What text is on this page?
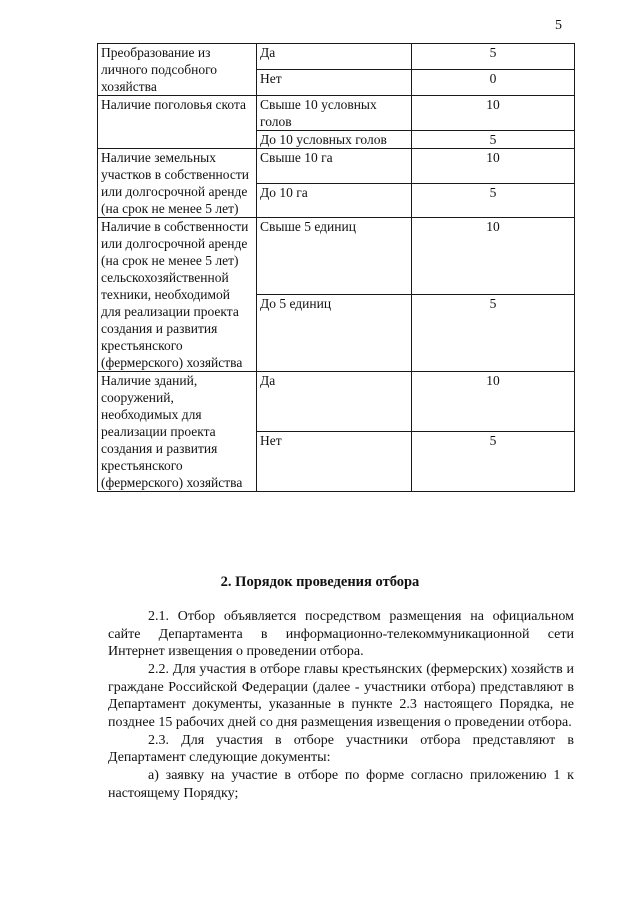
5
Преобразование из личного подсобного хозяйства	Да	5
	Нет	0
Наличие поголовья скота	Свыше 10 условных голов	10
	До 10 условных голов	5
Наличие земельных участков в собственности или долгосрочной аренде (на срок не менее 5 лет)	Свыше 10 га	10
	До 10 га	5
Наличие в собственности или долгосрочной аренде (на срок не менее 5 лет) сельскохозяйственной техники, необходимой для реализации проекта создания и развития крестьянского (фермерского) хозяйства	Свыше 5 единиц	10
	До 5 единиц	5
Наличие зданий, сооружений, необходимых для реализации проекта создания и развития крестьянского (фермерского) хозяйства	Да	10
	Нет	5
2. Порядок проведения отбора

2.1. Отбор объявляется посредством размещения на официальном сайте Департамента в информационно-телекоммуникационной сети Интернет извещения о проведении отбора.

2.2. Для участия в отборе главы крестьянских (фермерских) хозяйств и граждане Российской Федерации (далее - участники отбора) представляют в Департамент документы, указанные в пункте 2.3 настоящего Порядка, не позднее 15 рабочих дней со дня размещения извещения о проведении отбора.

2.3. Для участия в отборе участники отбора представляют в Департамент следующие документы:

а) заявку на участие в отборе по форме согласно приложению 1 к настоящему Порядку;
